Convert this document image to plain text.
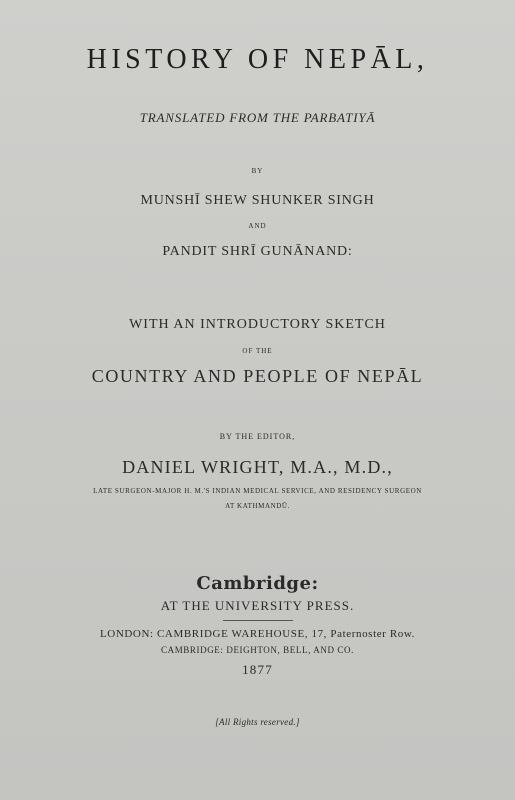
HISTORY OF NEPĀL,
TRANSLATED FROM THE PARBATIYĀ
BY
MUNSHĪ SHEW SHUNKER SINGH
AND
PANDIT SHRĪ GUNĀNAND:
WITH AN INTRODUCTORY SKETCH
OF THE
COUNTRY AND PEOPLE OF NEPĀL
BY THE EDITOR,
DANIEL WRIGHT, M.A., M.D.,
LATE SURGEON-MAJOR H. M.'S INDIAN MEDICAL SERVICE, AND RESIDENCY SURGEON
AT KATHMANDŪ.
Cambridge:
AT THE UNIVERSITY PRESS.
LONDON: CAMBRIDGE WAREHOUSE, 17, Paternoster Row.
CAMBRIDGE: DEIGHTON, BELL, AND CO.
1877
[All Rights reserved.]
